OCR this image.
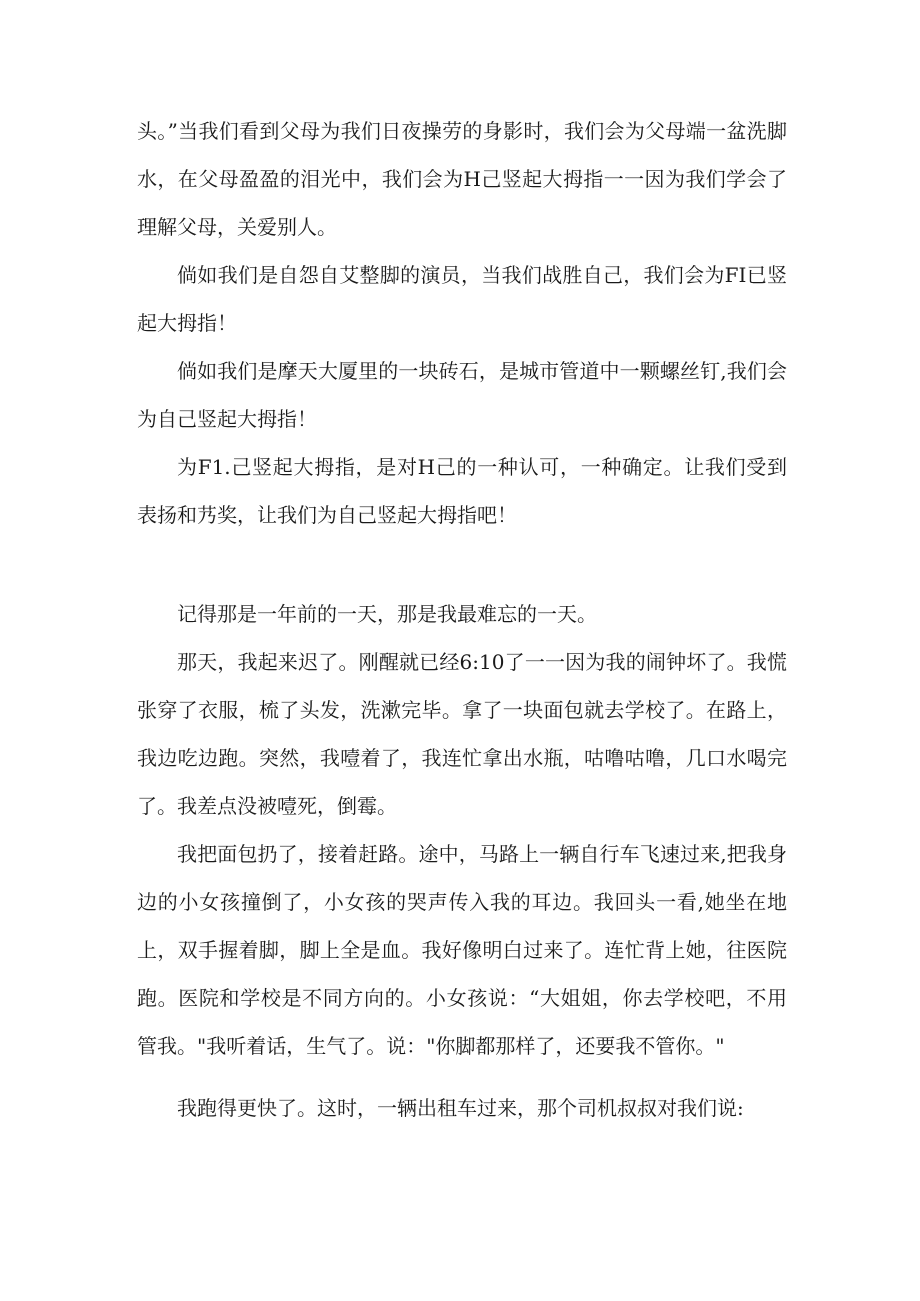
头。”当我们看到父母为我们日夜操劳的身影时，我们会为父母端一盆洗脚水，在父母盈盈的泪光中，我们会为H己竖起大拇指一一因为我们学会了理解父母，关爱别人。

倘如我们是自怨自艾整脚的演员，当我们战胜自己，我们会为FI已竖起大拇指！

倘如我们是摩天大厦里的一块砖石，是城市管道中一颗螺丝钉,我们会为自己竖起大拇指！

为F1.己竖起大拇指，是对H己的一种认可，一种确定。让我们受到表扬和艿奖，让我们为自己竖起大拇指吧！

记得那是一年前的一天，那是我最难忘的一天。

那天，我起来迟了。刚醒就已经6:10了一一因为我的闹钟坏了。我慌张穿了衣服，梳了头发，洗漱完毕。拿了一块面包就去学校了。在路上，我边吃边跑。突然，我噎着了，我连忙拿出水瓶，咕噜咕噜，几口水喝完了。我差点没被噎死，倒霉。

我把面包扔了，接着赶路。途中，马路上一辆自行车飞速过来,把我身边的小女孩撞倒了，小女孩的哭声传入我的耳边。我回头一看,她坐在地上，双手握着脚，脚上全是血。我好像明白过来了。连忙背上她，往医院跑。医院和学校是不同方向的。小女孩说：“大姐姐，你去学校吧，不用管我。"我听着话，生气了。说："你脚都那样了，还要我不管你。"

我跑得更快了。这时，一辆出租车过来，那个司机叔叔对我们说:
